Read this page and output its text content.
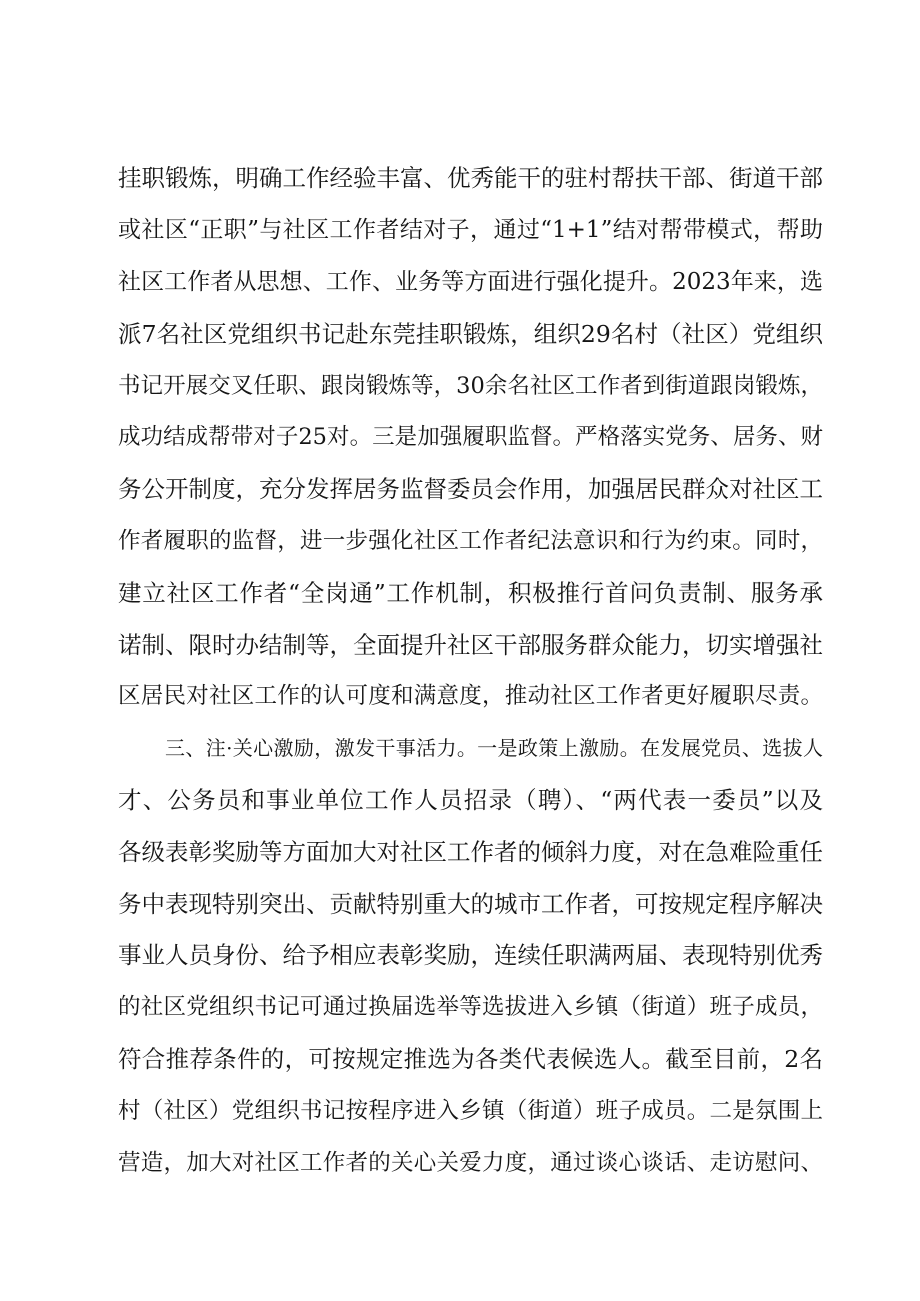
挂职锻炼，明确工作经验丰富、优秀能干的驻村帮扶干部、街道干部
或社区“正职”与社区工作者结对子，通过“1+1”结对帮带模式，帮助
社区工作者从思想、工作、业务等方面进行强化提升。2023年来，选
派7名社区党组织书记赴东莞挂职锻炼，组织29名村（社区）党组织
书记开展交叉任职、跟岗锻炼等，30余名社区工作者到街道跟岗锻炼，
成功结成帮带对子25对。三是加强履职监督。严格落实党务、居务、财
务公开制度，充分发挥居务监督委员会作用，加强居民群众对社区工
作者履职的监督，进一步强化社区工作者纪法意识和行为约束。同时，
建立社区工作者“全岗通”工作机制，积极推行首问负责制、服务承
诺制、限时办结制等，全面提升社区干部服务群众能力，切实增强社
区居民对社区工作的认可度和满意度，推动社区工作者更好履职尽责。
三、注·关心激励，激发干事活力。一是政策上激励。在发展党员、选拔人
才、公务员和事业单位工作人员招录（聘）、“两代表一委员”以及
各级表彰奖励等方面加大对社区工作者的倾斜力度，对在急难险重任
务中表现特别突出、贡献特别重大的城市工作者，可按规定程序解决
事业人员身份、给予相应表彰奖励，连续任职满两届、表现特别优秀
的社区党组织书记可通过换届选举等选拔进入乡镇（街道）班子成员，
符合推荐条件的，可按规定推选为各类代表候选人。截至目前，2名
村（社区）党组织书记按程序进入乡镇（街道）班子成员。二是氛围上
营造，加大对社区工作者的关心关爱力度，通过谈心谈话、走访慰问、
